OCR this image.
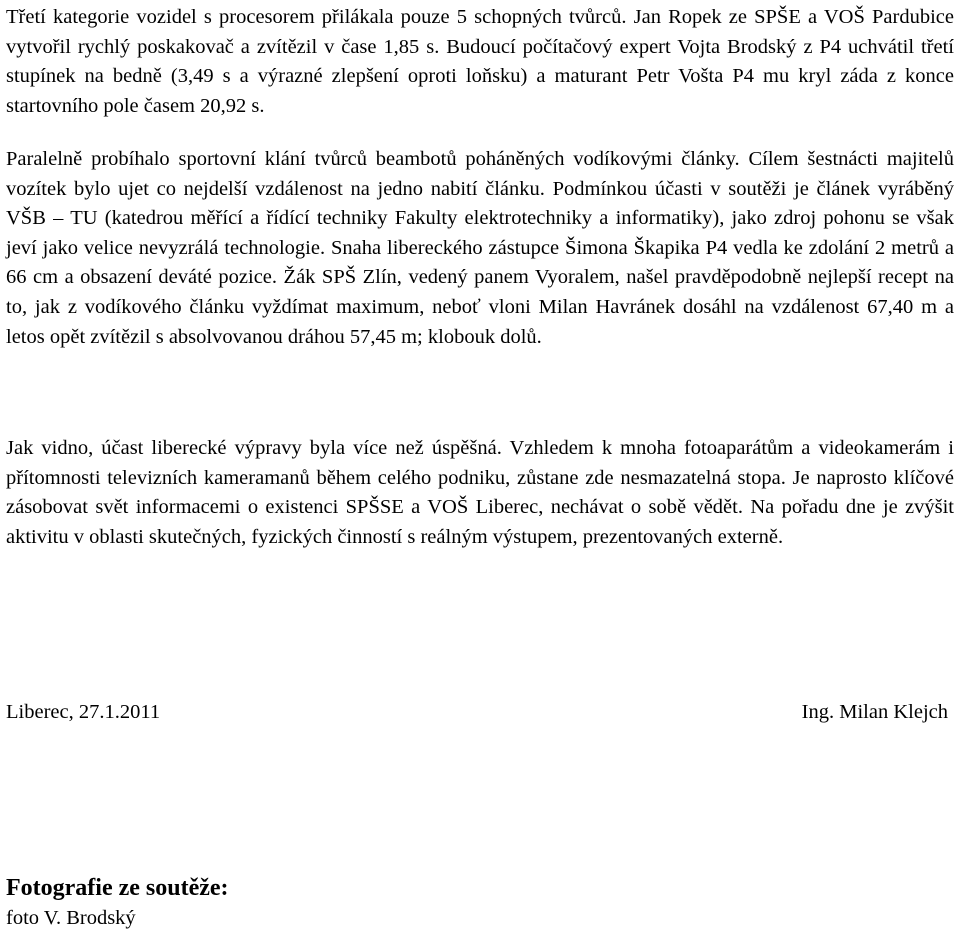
Třetí kategorie vozidel s procesorem přilákala pouze 5 schopných tvůrců. Jan Ropek ze SPŠE a VOŠ Pardubice vytvořil rychlý poskakovač a zvítězil v čase 1,85 s. Budoucí počítačový expert Vojta Brodský z P4 uchvátil třetí stupínek na bedně (3,49 s a výrazné zlepšení oproti loňsku) a maturant Petr Vošta P4 mu kryl záda z konce startovního pole časem 20,92 s.

Paralelně probíhalo sportovní klání tvůrců beambotů poháněných vodíkovými články. Cílem šestnácti majitelů vozítek bylo ujet co nejdelší vzdálenost na jedno nabití článku. Podmínkou účasti v soutěži je článek vyráběný VŠB – TU (katedrou měřící a řídící techniky Fakulty elektrotechniky a informatiky), jako zdroj pohonu se však jeví jako velice nevyzrálá technologie. Snaha libereckého zástupce Šimona Škapika P4 vedla ke zdolání 2 metrů a 66 cm a obsazení deváté pozice. Žák SPŠ Zlín, vedený panem Vyoralem, našel pravděpodobně nejlepší recept na to, jak z vodíkového článku vyždímat maximum, neboť vloni Milan Havránek dosáhl na vzdálenost 67,40 m a letos opět zvítězil s absolvovanou dráhou 57,45 m; klobouk dolů.

Jak vidno, účast liberecké výpravy byla více než úspěšná. Vzhledem k mnoha fotoaparátům a videokamerám i přítomnosti televizních kameramanů během celého podniku, zůstane zde nesmazatelná stopa. Je naprosto klíčové zásobovat svět informacemi o existenci SPŠSE a VOŠ Liberec, nechávat o sobě vědět. Na pořadu dne je zvýšit aktivitu v oblasti skutečných, fyzických činností s reálným výstupem, prezentovaných externě.

Liberec, 27.1.2011	Ing. Milan Klejch

Fotografie ze soutěže:

foto V. Brodský
